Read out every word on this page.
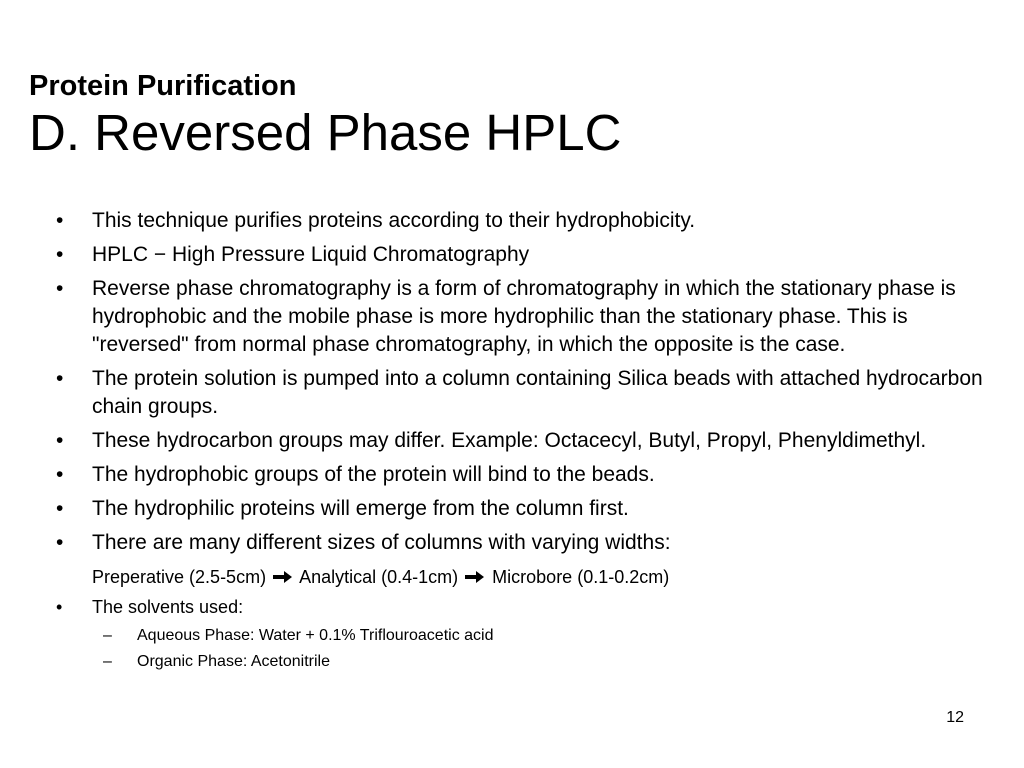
Protein Purification
D. Reversed Phase HPLC
• This technique purifies proteins according to their hydrophobicity.
• HPLC − High Pressure Liquid Chromatography
• Reverse phase chromatography is a form of chromatography in which the stationary phase is hydrophobic and the mobile phase is more hydrophilic than the stationary phase. This is "reversed" from normal phase chromatography, in which the opposite is the case.
• The protein solution is pumped into a column containing Silica beads with attached hydrocarbon chain groups.
• These hydrocarbon groups may differ. Example: Octacecyl, Butyl, Propyl, Phenyldimethyl.
• The hydrophobic groups of the protein will bind to the beads.
• The hydrophilic proteins will emerge from the column first.
• There are many different sizes of columns with varying widths:
Preperative (2.5-5cm) Analytical (0.4-1cm) Microbore (0.1-0.2cm)
• The solvents used:
– Aqueous Phase: Water + 0.1% Triflouroacetic acid
– Organic Phase: Acetonitrile
12
